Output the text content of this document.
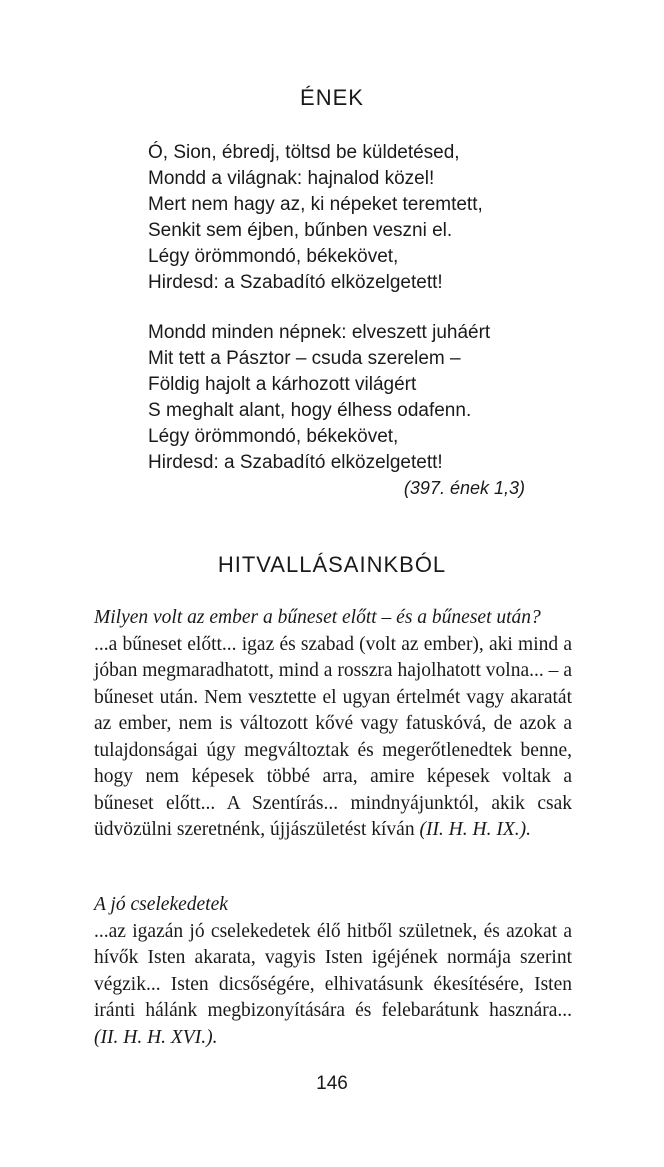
ÉNEK
Ó, Sion, ébredj, töltsd be küldetésed,
Mondd a világnak: hajnalod közel!
Mert nem hagy az, ki népeket teremtett,
Senkit sem éjben, bűnben veszni el.
Légy örömmondó, békekövet,
Hirdesd: a Szabadító elközelgetett!
Mondd minden népnek: elveszett juháért
Mit tett a Pásztor – csuda szerelem –
Földig hajolt a kárhozott világért
S meghalt alant, hogy élhess odafenn.
Légy örömmondó, békekövet,
Hirdesd: a Szabadító elközelgetett!
(397. ének 1,3)
HITVALLÁSAINKBÓL
Milyen volt az ember a bűneset előtt – és a bűneset után?
...a bűneset előtt... igaz és szabad (volt az ember), aki mind a jóban megmaradhatott, mind a rosszra hajolhatott volna... – a bűneset után. Nem vesztette el ugyan értelmét vagy akaratát az ember, nem is változott kővé vagy fatuskóvá, de azok a tulajdonságai úgy megváltoztak és megerőtlenedtek benne, hogy nem képesek többé arra, amire képesek voltak a bűneset előtt... A Szentírás... mindnyájunktól, akik csak üdvözülni szeretnénk, újjászületést kíván (II. H. H. IX.).
A jó cselekedetek
...az igazán jó cselekedetek élő hitből születnek, és azokat a hívők Isten akarata, vagyis Isten igéjének normája szerint végzik... Isten dicsőségére, elhivatásunk ékesítésére, Isten iránti hálánk megbizonyítására és felebarátunk hasznára... (II. H. H. XVI.).
146
